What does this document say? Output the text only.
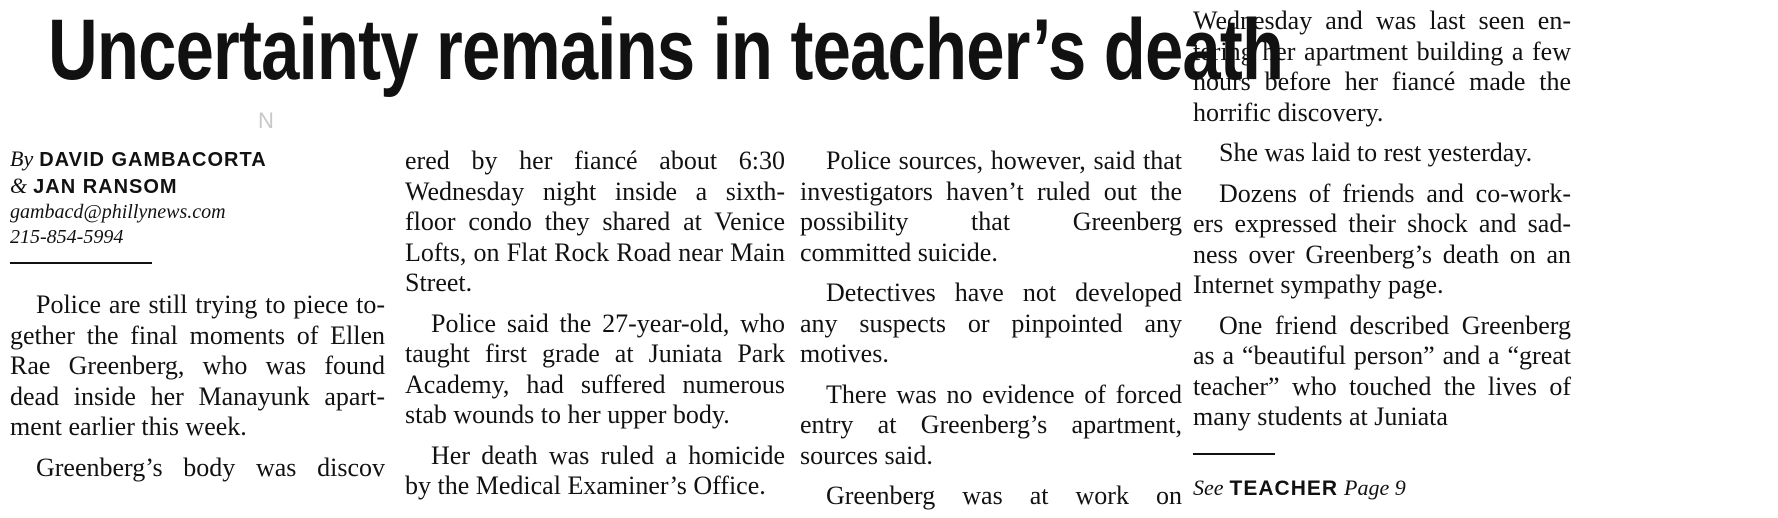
Uncertainty remains in teacher’s death
N
By DAVID GAMBACORTA
& JAN RANSOM
gambacd@phillynews.com
215-854-5994

Police are still trying to piece together the final moments of Ellen Rae Greenberg, who was found dead inside her Manayunk apartment earlier this week.

Greenberg’s body was discov

ered by her fiancé about 6:30 Wednesday night inside a sixth-floor condo they shared at Venice Lofts, on Flat Rock Road near Main Street.

Police said the 27-year-old, who taught first grade at Juniata Park Academy, had suffered numerous stab wounds to her upper body.

Her death was ruled a homicide by the Medical Examiner’s Office.

Police sources, however, said that investigators haven’t ruled out the possibility that Greenberg committed suicide.

Detectives have not developed any suspects or pinpointed any motives.

There was no evidence of forced entry at Greenberg’s apartment, sources said.

Greenberg was at work on

Wednesday and was last seen entering her apartment building a few hours before her fiancé made the horrific discovery.

She was laid to rest yesterday.

Dozens of friends and co-workers expressed their shock and sadness over Greenberg’s death on an Internet sympathy page.

One friend described Greenberg as a “beautiful person” and a “great teacher” who touched the lives of many students at Juniata

See TEACHER Page 9
